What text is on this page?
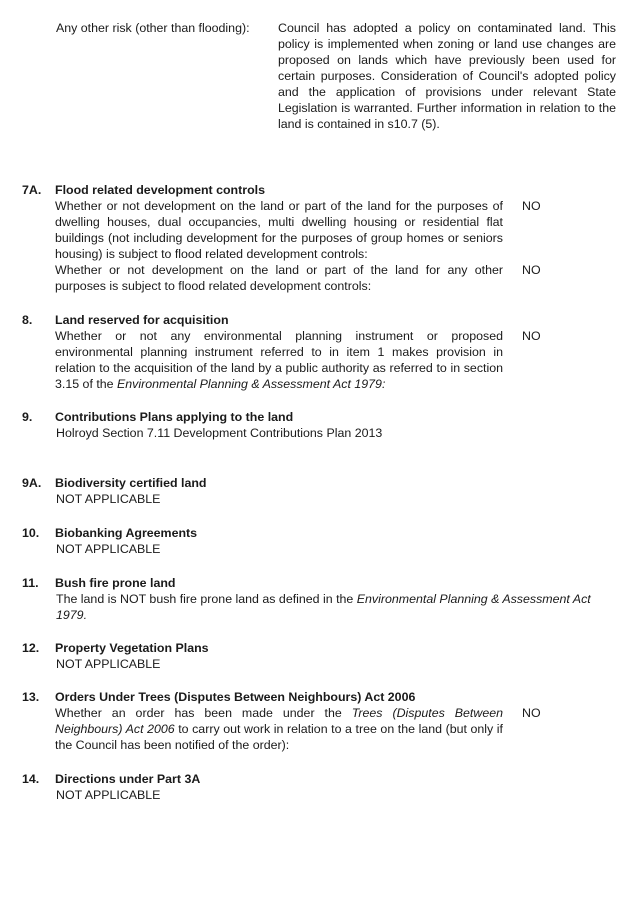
Any other risk (other than flooding): Council has adopted a policy on contaminated land. This policy is implemented when zoning or land use changes are proposed on lands which have previously been used for certain purposes. Consideration of Council's adopted policy and the application of provisions under relevant State Legislation is warranted. Further information in relation to the land is contained in s10.7 (5).
7A.	Flood related development controls
Whether or not development on the land or part of the land for the purposes of dwelling houses, dual occupancies, multi dwelling housing or residential flat buildings (not including development for the purposes of group homes or seniors housing) is subject to flood related development controls:
NO
Whether or not development on the land or part of the land for any other purposes is subject to flood related development controls:
NO
8.	Land reserved for acquisition
Whether or not any environmental planning instrument or proposed environmental planning instrument referred to in item 1 makes provision in relation to the acquisition of the land by a public authority as referred to in section 3.15 of the Environmental Planning & Assessment Act 1979:
NO
9.	Contributions Plans applying to the land
Holroyd Section 7.11 Development Contributions Plan 2013
9A.	Biodiversity certified land
NOT APPLICABLE
10.	Biobanking Agreements
NOT APPLICABLE
11.	Bush fire prone land
The land is NOT bush fire prone land as defined in the Environmental Planning & Assessment Act 1979.
12.	Property Vegetation Plans
NOT APPLICABLE
13.	Orders Under Trees (Disputes Between Neighbours) Act 2006
Whether an order has been made under the Trees (Disputes Between Neighbours) Act 2006 to carry out work in relation to a tree on the land (but only if the Council has been notified of the order):
NO
14.	Directions under Part 3A
NOT APPLICABLE
